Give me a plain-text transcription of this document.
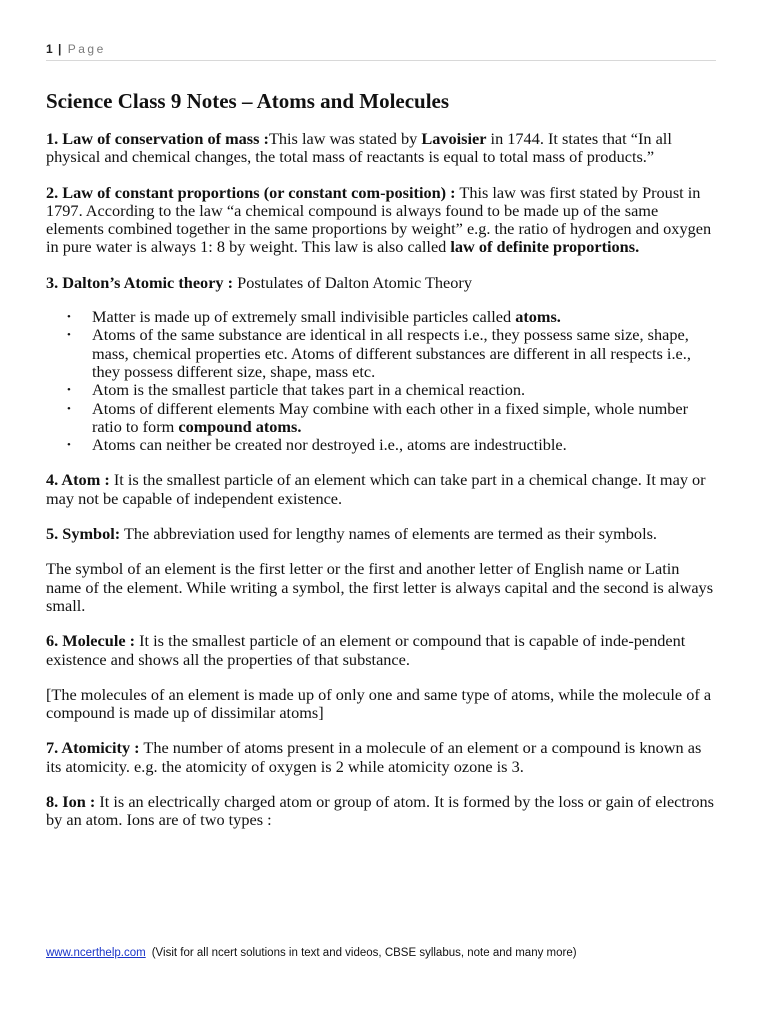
1 | Page
Science Class 9 Notes – Atoms and Molecules

1. Law of conservation of mass :This law was stated by Lavoisier in 1744. It states that “In all physical and chemical changes, the total mass of reactants is equal to total mass of products.”

2. Law of constant proportions (or constant com-position) : This law was first stated by Proust in 1797. According to the law “a chemical compound is always found to be made up of the same elements combined together in the same proportions by weight” e.g. the ratio of hydrogen and oxygen in pure water is always 1: 8 by weight. This law is also called law of definite proportions.

3. Dalton’s Atomic theory : Postulates of Dalton Atomic Theory

• Matter is made up of extremely small indivisible particles called atoms.
• Atoms of the same substance are identical in all respects i.e., they possess same size, shape, mass, chemical properties etc. Atoms of different substances are different in all respects i.e., they possess different size, shape, mass etc.
• Atom is the smallest particle that takes part in a chemical reaction.
• Atoms of different elements May combine with each other in a fixed simple, whole number ratio to form compound atoms.
• Atoms can neither be created nor destroyed i.e., atoms are indestructible.

4. Atom : It is the smallest particle of an element which can take part in a chemical change. It may or may not be capable of independent existence.

5. Symbol: The abbreviation used for lengthy names of elements are termed as their symbols.

The symbol of an element is the first letter or the first and another letter of English name or Latin name of the element. While writing a symbol, the first letter is always capital and the second is always small.

6. Molecule : It is the smallest particle of an element or compound that is capable of inde-pendent existence and shows all the properties of that substance.

[The molecules of an element is made up of only one and same type of atoms, while the molecule of a compound is made up of dissimilar atoms]

7. Atomicity : The number of atoms present in a molecule of an element or a compound is known as its atomicity. e.g. the atomicity of oxygen is 2 while atomicity ozone is 3.

8. Ion : It is an electrically charged atom or group of atom. It is formed by the loss or gain of electrons by an atom. Ions are of two types :

www.ncerthelp.com (Visit for all ncert solutions in text and videos, CBSE syllabus, note and many more)
